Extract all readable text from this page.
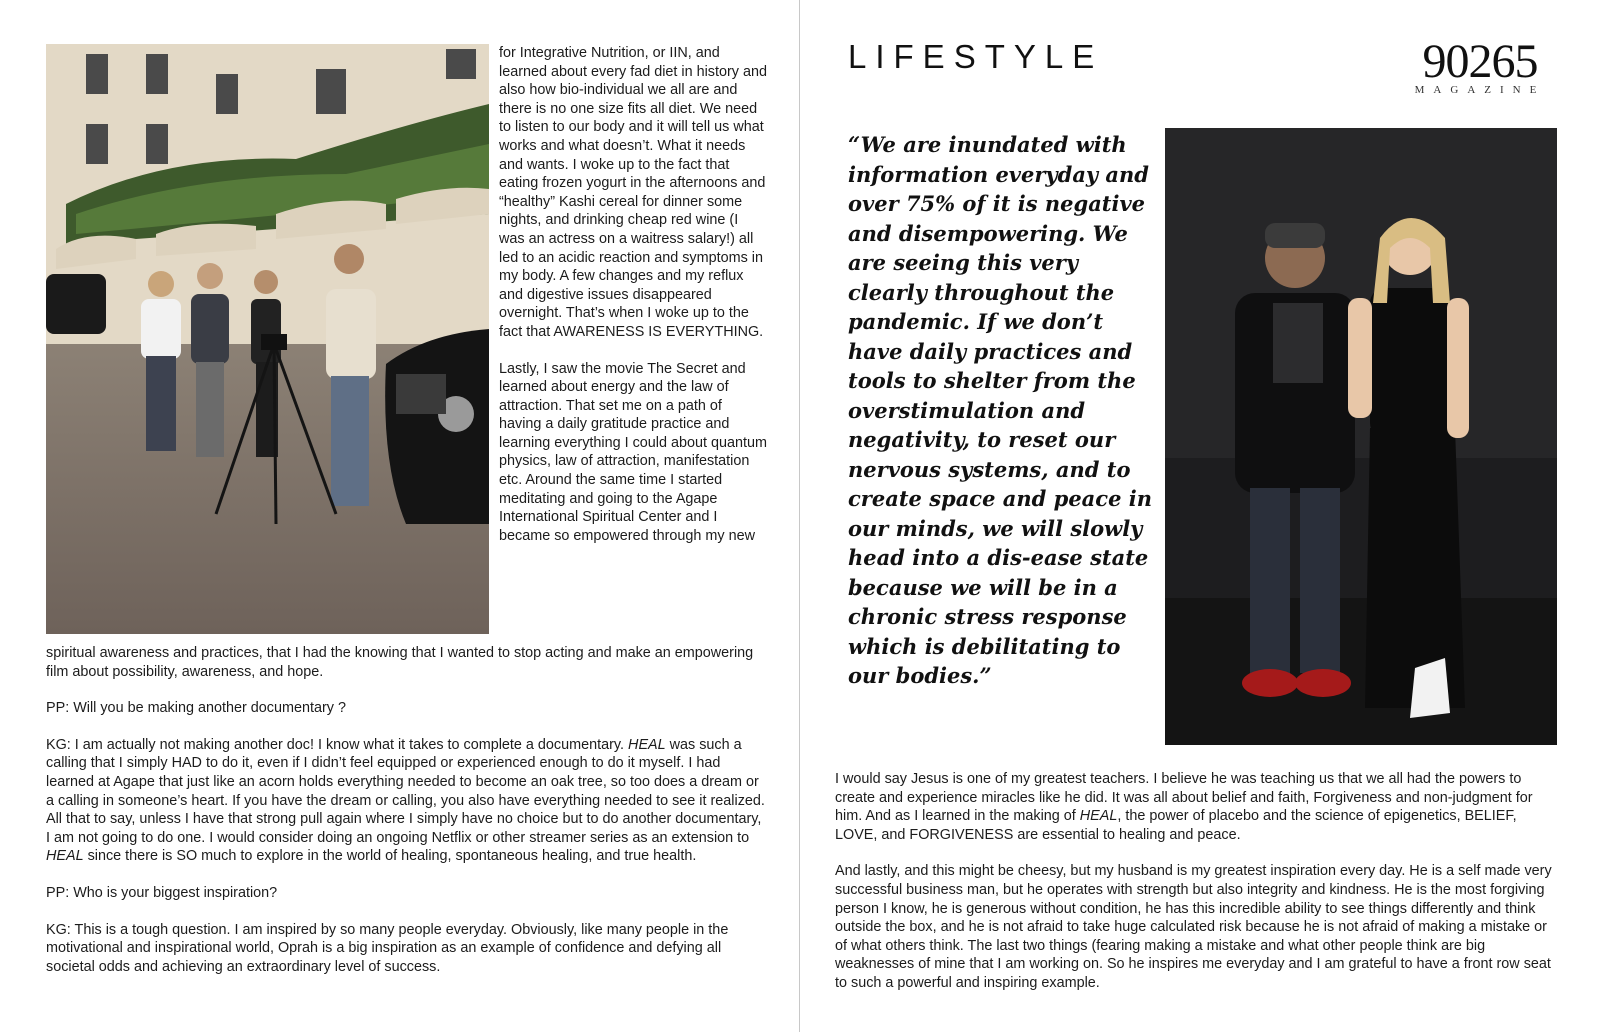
for Integrative Nutrition, or IIN, and learned about every fad diet in history and also how bio-individual we all are and there is no one size fits all diet. We need to listen to our body and it will tell us what works and what doesn’t. What it needs and wants. I woke up to the fact that eating frozen yogurt in the afternoons and “healthy” Kashi cereal for dinner some nights, and drinking cheap red wine (I was an actress on a waitress salary!) all led to an acidic reaction and symptoms in my body. A few changes and my reflux and digestive issues disappeared overnight. That’s when I woke up to the fact that AWARENESS IS EVERYTHING.

Lastly, I saw the movie The Secret and learned about energy and the law of attraction. That set me on a path of having a daily gratitude practice and learning everything I could about quantum physics, law of attraction, manifestation etc. Around the same time I started meditating and going to the Agape International Spiritual Center and I became so empowered through my new

spiritual awareness and practices, that I had the knowing that I wanted to stop acting and make an empowering film about possibility, awareness, and hope.

PP: Will you be making another documentary ?

KG: I am actually not making another doc! I know what it takes to complete a documentary. HEAL was such a calling that I simply HAD to do it, even if I didn’t feel equipped or experienced enough to do it myself. I had learned at Agape that just like an acorn holds everything needed to become an oak tree, so too does a dream or a calling in someone’s heart. If you have the dream or calling, you also have everything needed to see it realized. All that to say, unless I have that strong pull again where I simply have no choice but to do another documentary, I am not going to do one. I would consider doing an ongoing Netflix or other streamer series as an extension to HEAL since there is SO much to explore in the world of healing, spontaneous healing, and true health.

PP: Who is your biggest inspiration?

KG: This is a tough question. I am inspired by so many people everyday. Obviously, like many people in the motivational and inspirational world, Oprah is a big inspiration as an example of confidence and defying all societal odds and achieving an extraordinary level of success.

LIFESTYLE	90265
MAGAZINE
“We are inundated with information everyday and over 75% of it is negative and disempowering. We are seeing this very clearly throughout the pandemic. If we don’t have daily practices and tools to shelter from the overstimulation and negativity, to reset our nervous systems, and to create space and peace in our minds, we will slowly head into a dis-ease state because we will be in a chronic stress response which is debilitating to our bodies.”

I would say Jesus is one of my greatest teachers. I believe he was teaching us that we all had the powers to create and experience miracles like he did. It was all about belief and faith, Forgiveness and non-judgment for him. And as I learned in the making of HEAL, the power of placebo and the science of epigenetics, BELIEF, LOVE, and FORGIVENESS are essential to healing and peace.

And lastly, and this might be cheesy, but my husband is my greatest inspiration every day. He is a self made very successful business man, but he operates with strength but also integrity and kindness. He is the most forgiving person I know, he is generous without condition, he has this incredible ability to see things differently and think outside the box, and he is not afraid to take huge calculated risk because he is not afraid of making a mistake or of what others think. The last two things (fearing making a mistake and what other people think are big weaknesses of mine that I am working on. So he inspires me everyday and I am grateful to have a front row seat to such a powerful and inspiring example.
